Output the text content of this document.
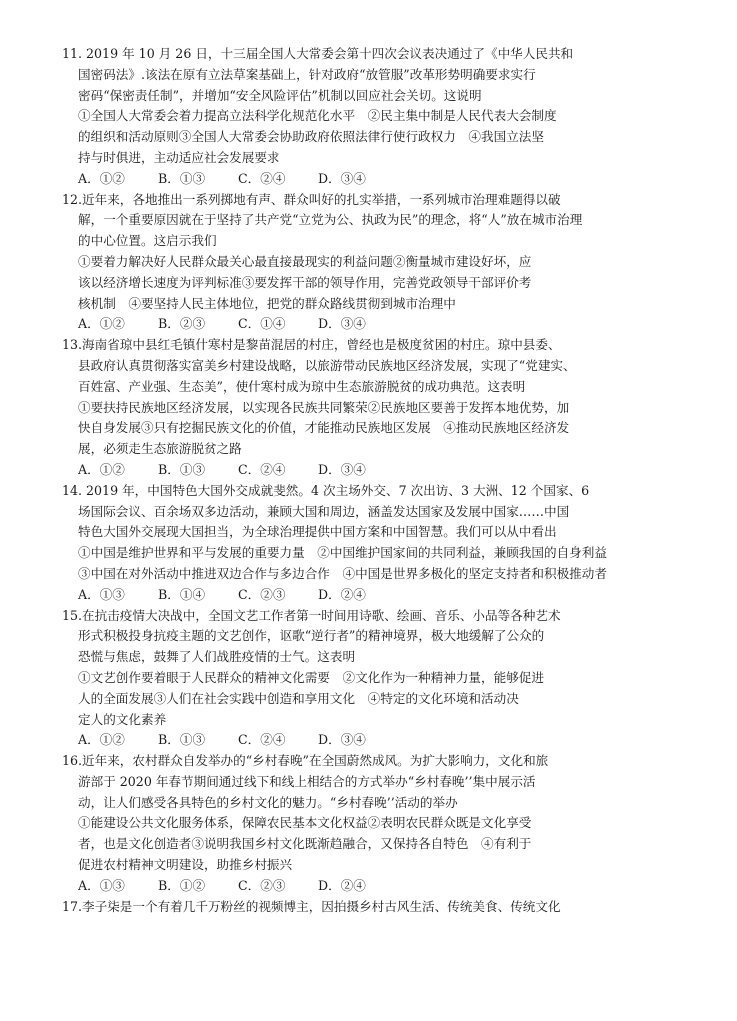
11. 2019 年 10 月 26 日，十三届全国人大常委会第十四次会议表决通过了《中华人民共和
国密码法》.该法在原有立法草案基础上，针对政府“放管服”改革形势明确要求实行
密码“保密责任制”，并增加“安全风险评估”机制以回应社会关切。这说明
①全国人大常委会着力提高立法科学化规范化水平　②民主集中制是人民代表大会制度
的组织和活动原则③全国人大常委会协助政府依照法律行使行政权力　④我国立法坚
持与时俱进，主动适应社会发展要求
A．①②	B．①③	C．②④	D．③④
12.近年来，各地推出一系列掷地有声、群众叫好的扎实举措，一系列城市治理难题得以破
解，一个重要原因就在于坚持了共产党“立党为公、执政为民”的理念，将“人”放在城市治理
的中心位置。这启示我们
①要着力解决好人民群众最关心最直接最现实的利益问题②衡量城市建设好坏，应
该以经济增长速度为评判标准③要发挥干部的领导作用，完善党政领导干部评价考
核机制　④要坚持人民主体地位，把党的群众路线贯彻到城市治理中
A．①②	B．②③	C．①④	D．③④
13.海南省琼中县红毛镇什寒村是黎苗混居的村庄，曾经也是极度贫困的村庄。琼中县委、
县政府认真贯彻落实富美乡村建设战略，以旅游带动民族地区经济发展，实现了“党建实、
百姓富、产业强、生态美”，使什寒村成为琼中生态旅游脱贫的成功典范。这表明
①要扶持民族地区经济发展，以实现各民族共同繁荣②民族地区要善于发挥本地优势，加
快自身发展③只有挖掘民族文化的价值，才能推动民族地区发展　④推动民族地区经济发
展，必须走生态旅游脱贫之路
A．①②	B．①③	C．②④	D．③④
14. 2019 年，中国特色大国外交成就斐然。4 次主场外交、7 次出访、3 大洲、12 个国家、6
场国际会议、百余场双多边活动，兼顾大国和周边，涵盖发达国家及发展中国家……中国
特色大国外交展现大国担当，为全球治理提供中国方案和中国智慧。我们可以从中看出
①中国是维护世界和平与发展的重要力量　②中国维护国家间的共同利益，兼顾我国的自身利益
③中国在对外活动中推进双边合作与多边合作　④中国是世界多极化的坚定支持者和积极推动者
A．①③	B．①④	C．②③	D．②④
15.在抗击疫情大决战中，全国文艺工作者第一时间用诗歌、绘画、音乐、小品等各种艺术
形式积极投身抗疫主题的文艺创作，讴歌“逆行者”的精神境界，极大地缓解了公众的
恐慌与焦虑，鼓舞了人们战胜疫情的士气。这表明
①文艺创作要着眼于人民群众的精神文化需要　②文化作为一种精神力量，能够促进
人的全面发展③人们在社会实践中创造和享用文化　④特定的文化环境和活动决
定人的文化素养
A．①②	B．①③	C．②④	D．③④
16.近年来，农村群众自发举办的“乡村春晚”在全国蔚然成风。为扩大影响力，文化和旅
游部于 2020 年春节期间通过线下和线上相结合的方式举办“乡村春晚’’集中展示活
动，让人们感受各具特色的乡村文化的魅力。“乡村春晚’’活动的举办
①能建设公共文化服务体系，保障农民基本文化权益②表明农民群众既是文化享受
者，也是文化创造者③说明我国乡村文化既渐趋融合，又保持各自特色　④有利于
促进农村精神文明建设，助推乡村振兴
A．①③	B．①②	C．②③	D．②④
17.李子柒是一个有着几千万粉丝的视频博主，因拍摄乡村古风生活、传统美食、传统文化
